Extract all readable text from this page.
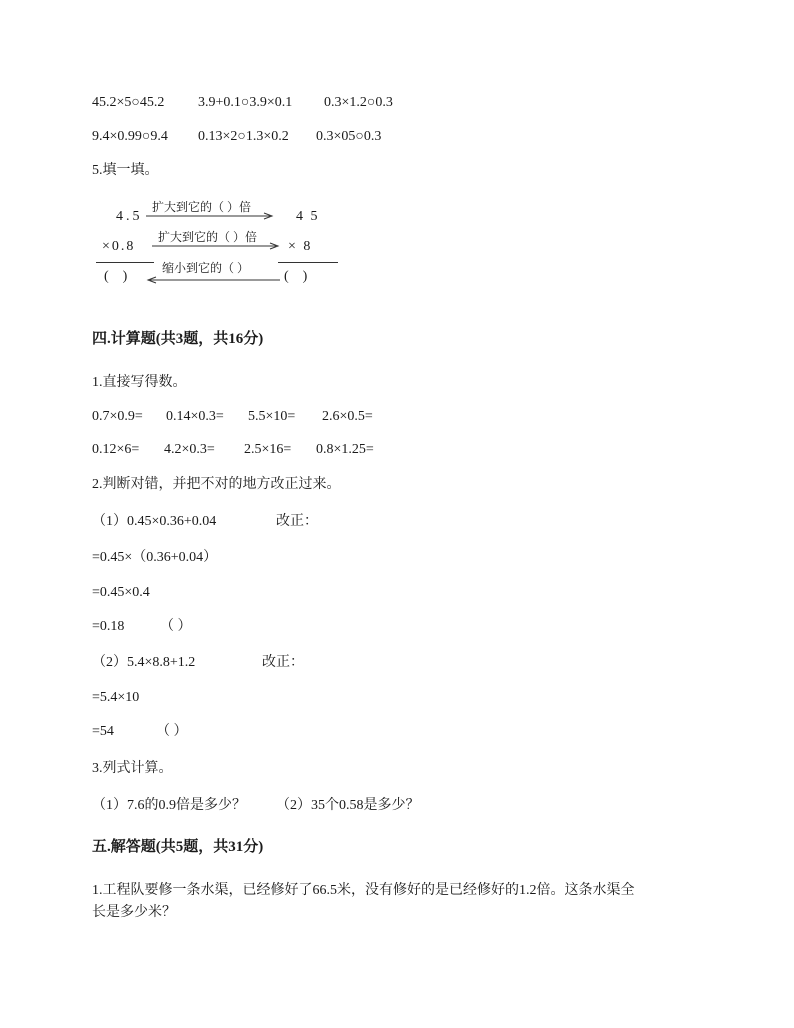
45.2×5○45.2 3.9+0.1○3.9×0.1 0.3×1.2○0.3
9.4×0.99○9.4 0.13×2○1.3×0.2 0.3×05○0.3
5.填一填。
4.5	4 5
×0.8	× 8
(    )	(    )
扩大到它的（ ）倍
扩大到它的（ ）倍
缩小到它的（ ）
四.计算题(共3题，共16分)
1.直接写得数。
0.7×0.9= 0.14×0.3= 5.5×10= 2.6×0.5=
0.12×6= 4.2×0.3= 2.5×16= 0.8×1.25=
2.判断对错，并把不对的地方改正过来。
（1）0.45×0.36+0.04	改正：
=0.45×（0.36+0.04）
=0.45×0.4
=0.18	（ ）
（2）5.4×8.8+1.2	改正：
=5.4×10
=54	（ ）
3.列式计算。
（1）7.6的0.9倍是多少？ （2）35个0.58是多少？
五.解答题(共5题，共31分)
1.工程队要修一条水渠，已经修好了66.5米，没有修好的是已经修好的1.2倍。这条水渠全
长是多少米？
